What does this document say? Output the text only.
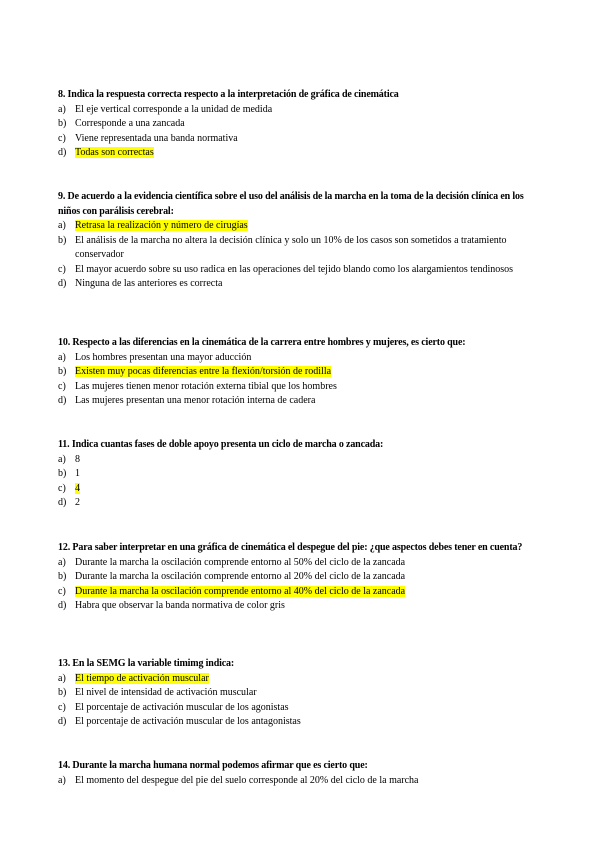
8. Indica la respuesta correcta respecto a la interpretación de gráfica de cinemática
a) El eje vertical corresponde a la unidad de medida
b) Corresponde a una zancada
c) Viene representada una banda normativa
d) Todas son correctas
9. De acuerdo a la evidencia científica sobre el uso del análisis de la marcha en la toma de la decisión clínica en los niños con parálisis cerebral:
a) Retrasa la realización y número de cirugías
b) El análisis de la marcha no altera la decisión clínica y solo un 10% de los casos son sometidos a tratamiento conservador
c) El mayor acuerdo sobre su uso radica en las operaciones del tejido blando como los alargamientos tendinosos
d) Ninguna de las anteriores es correcta
10. Respecto a las diferencias en la cinemática de la carrera entre hombres y mujeres, es cierto que:
a) Los hombres presentan una mayor aducción
b) Existen muy pocas diferencias entre la flexión/torsión de rodilla
c) Las mujeres tienen menor rotación externa tibial que los hombres
d) Las mujeres presentan una menor rotación interna de cadera
11. Indica cuantas fases de doble apoyo presenta un ciclo de marcha o zancada:
a) 8
b) 1
c) 4
d) 2
12. Para saber interpretar en una gráfica de cinemática el despegue del pie: ¿que aspectos debes tener en cuenta?
a) Durante la marcha la oscilación comprende entorno al 50% del ciclo de la zancada
b) Durante la marcha la oscilación comprende entorno al 20% del ciclo de la zancada
c) Durante la marcha la oscilación comprende entorno al 40% del ciclo de la zancada
d) Habra que observar la banda normativa de color gris
13. En la SEMG la variable timimg indica:
a) El tiempo de activación muscular
b) El nivel de intensidad de activación muscular
c) El porcentaje de activación muscular de los agonistas
d) El porcentaje de activación muscular de los antagonistas
14. Durante la marcha humana normal podemos afirmar que es cierto que:
a) El momento del despegue del pie del suelo corresponde al 20% del ciclo de la marcha
